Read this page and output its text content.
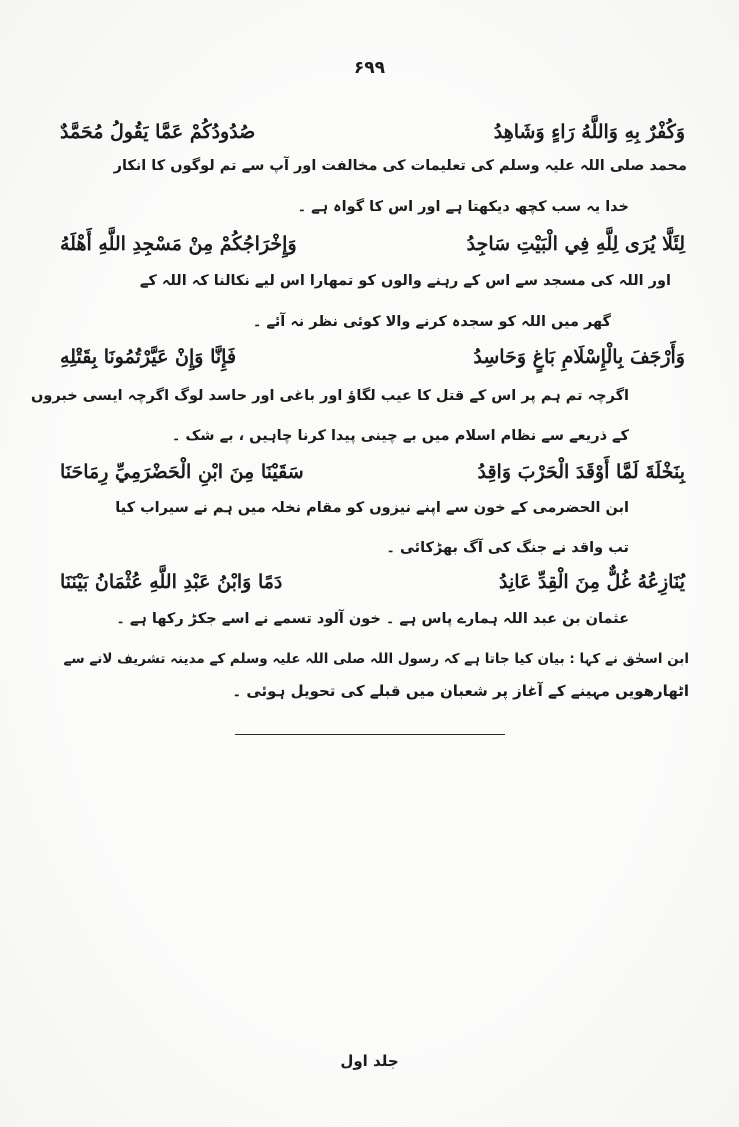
۶۹۹
وَكُفْرٌ بِهِ وَاللَّهُ رَاءٍ وَشَاهِدُ
صُدُودُكُمْ عَمَّا يَقُولُ مُحَمَّدٌ
محمد صلی اللہ علیہ وسلم کی تعلیمات کی مخالفت اور آپ سے تم لوگوں کا انکار
خدا یہ سب کچھ دیکھتا ہے اور اس کا گواہ ہے ۔
لِئَلَّا يُرَى لِلَّهِ فِي الْبَيْتِ سَاجِدُ
وَإِخْرَاجُكُمْ مِنْ مَسْجِدِ اللَّهِ أَهْلَهُ
اور اللہ کی مسجد سے اس کے رہنے والوں کو تمھارا اس لیے نکالنا کہ اللہ کے
گھر میں اللہ کو سجدہ کرنے والا کوئی نظر نہ آئے ۔
وَأَرْجَفَ بِالْإِسْلَامِ بَاغٍ وَحَاسِدُ
فَإِنَّا وَإِنْ عَيَّرْتُمُونَا بِقَتْلِهِ
اگرچہ تم ہم پر اس کے قتل کا عیب لگاؤ اور باغی اور حاسد لوگ اگرچہ ایسی خبروں
کے ذریعے سے نظام اسلام میں بے چینی پیدا کرنا چاہیں ، بے شک ۔
بِنَخْلَةَ لَمَّا أَوْقَدَ الْحَرْبَ وَاقِدُ
سَقَيْنَا مِنَ ابْنِ الْحَضْرَمِيِّ رِمَاحَنَا
ابن الحضرمی کے خون سے اپنے نیزوں کو مقام نخلہ میں ہم نے سیراب کیا
تب واقد نے جنگ کی آگ بھڑکائی ۔
يُنَازِعُهُ غُلٌّ مِنَ الْقِدِّ عَانِدُ
دَمًا وَابْنُ عَبْدِ اللَّهِ عُثْمَانُ بَيْنَنَا
عثمان بن عبد اللہ ہمارے پاس ہے ۔ خون آلود تسمے نے اسے جکڑ رکھا ہے ۔
ابن اسحٰق نے کہا : بیان کیا جاتا ہے کہ رسول اللہ صلی اللہ علیہ وسلم کے مدینہ تشریف لانے سے
اٹھارھویں مہینے کے آغاز پر شعبان میں قبلے کی تحویل ہوئی ۔
جلد اول
